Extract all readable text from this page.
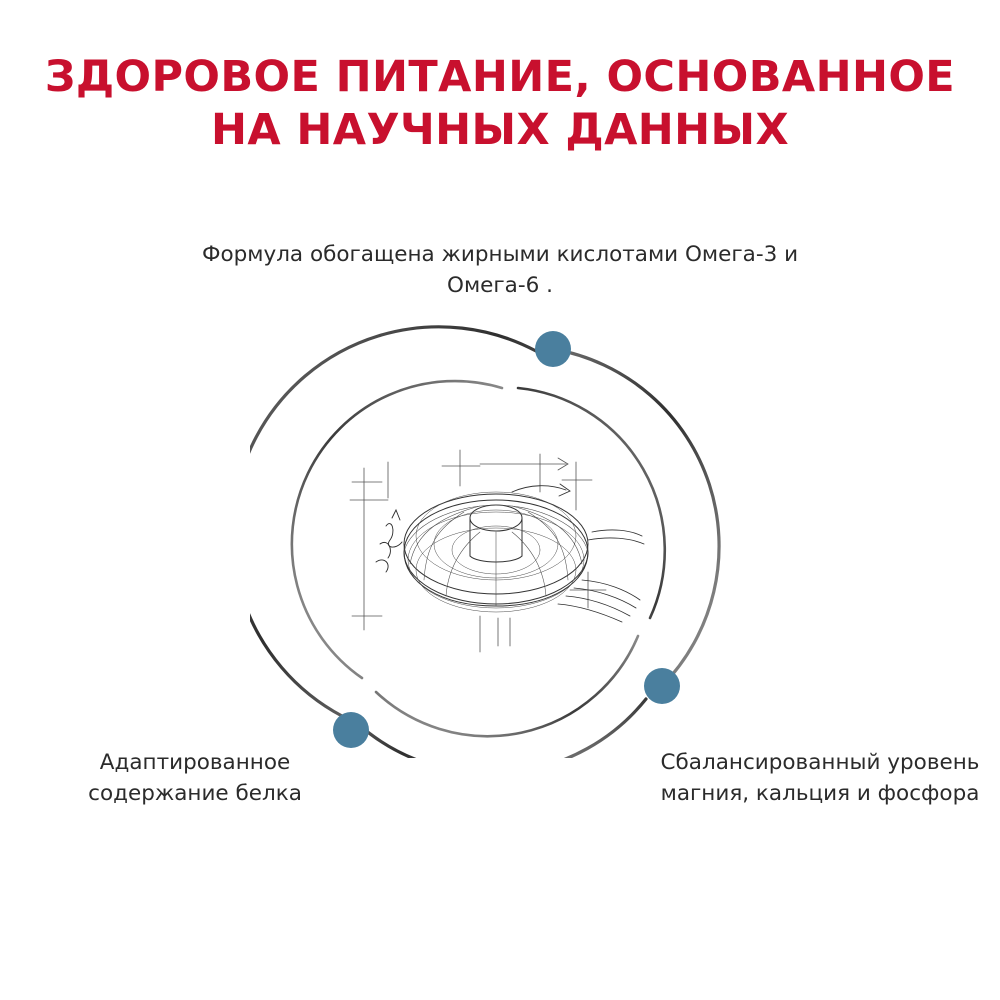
ЗДОРОВОЕ ПИТАНИЕ, ОСНОВАННОЕ
НА НАУЧНЫХ ДАННЫХ
Формула обогащена жирными кислотами Омега-3 и Омега-6 .
Адаптированное содержание белка
Сбалансированный уровень магния, кальция и фосфора
